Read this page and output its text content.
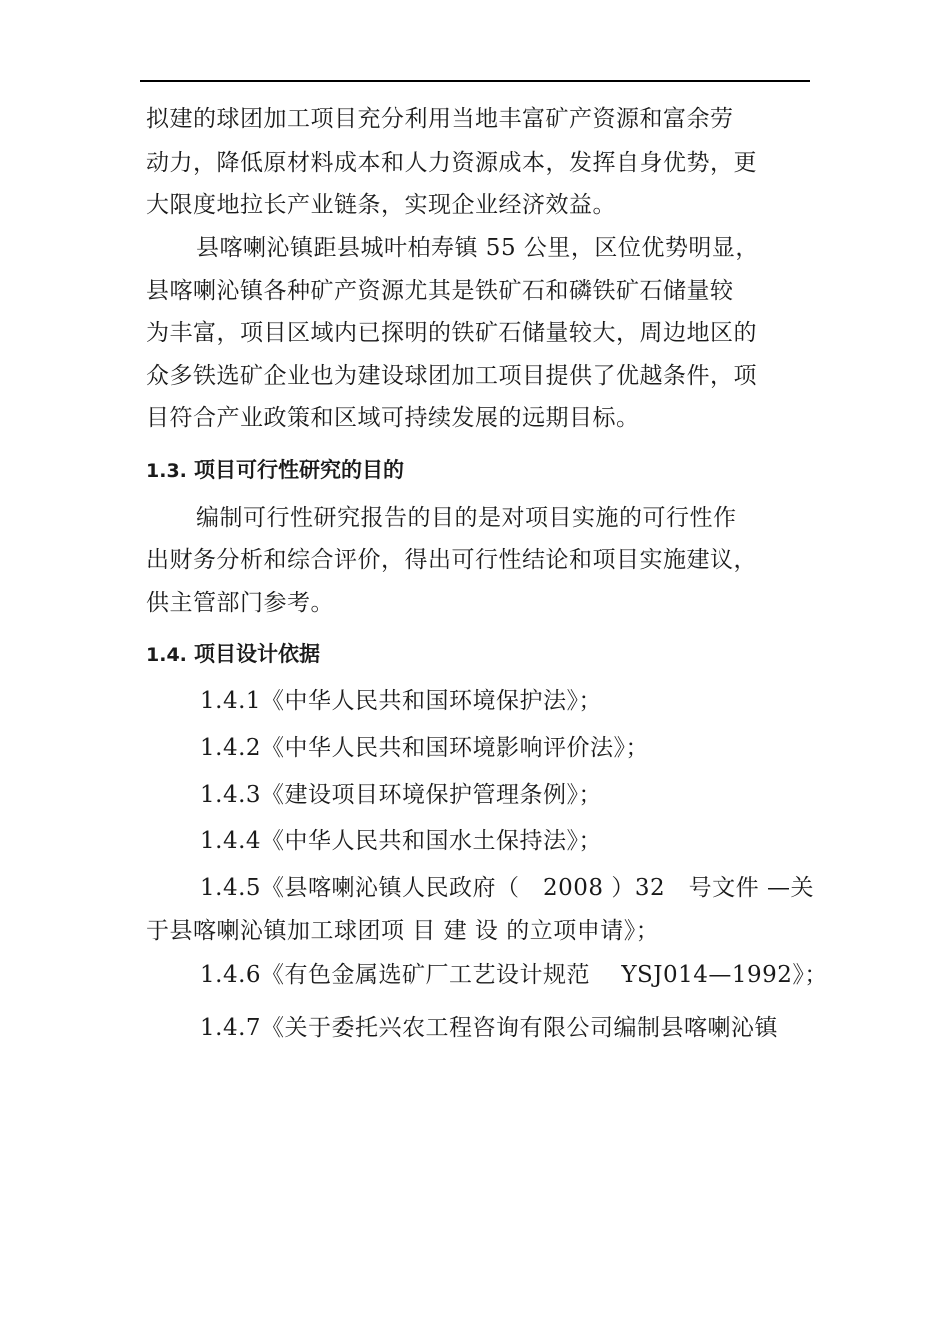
拟建的球团加工项目充分利用当地丰富矿产资源和富余劳
动力，降低原材料成本和人力资源成本，发挥自身优势，更
大限度地拉长产业链条，实现企业经济效益。
县喀喇沁镇距县城叶柏寿镇 55 公里，区位优势明显，
县喀喇沁镇各种矿产资源尤其是铁矿石和磷铁矿石储量较
为丰富，项目区域内已探明的铁矿石储量较大，周边地区的
众多铁选矿企业也为建设球团加工项目提供了优越条件，项
目符合产业政策和区域可持续发展的远期目标。
1.3. 项目可行性研究的目的
编制可行性研究报告的目的是对项目实施的可行性作
出财务分析和综合评价，得出可行性结论和项目实施建议，
供主管部门参考。
1.4. 项目设计依据
1.4.1《中华人民共和国环境保护法》；
1.4.2《中华人民共和国环境影响评价法》；
1.4.3《建设项目环境保护管理条例》；
1.4.4《中华人民共和国水土保持法》；
1.4.5《县喀喇沁镇人民政府（　2008 ）32　号文件 —关
于县喀喇沁镇加工球团项 目 建 设 的立项申请》；
1.4.6《有色金属选矿厂工艺设计规范　 YSJ014—1992》；
1.4.7《关于委托兴农工程咨询有限公司编制县喀喇沁镇
